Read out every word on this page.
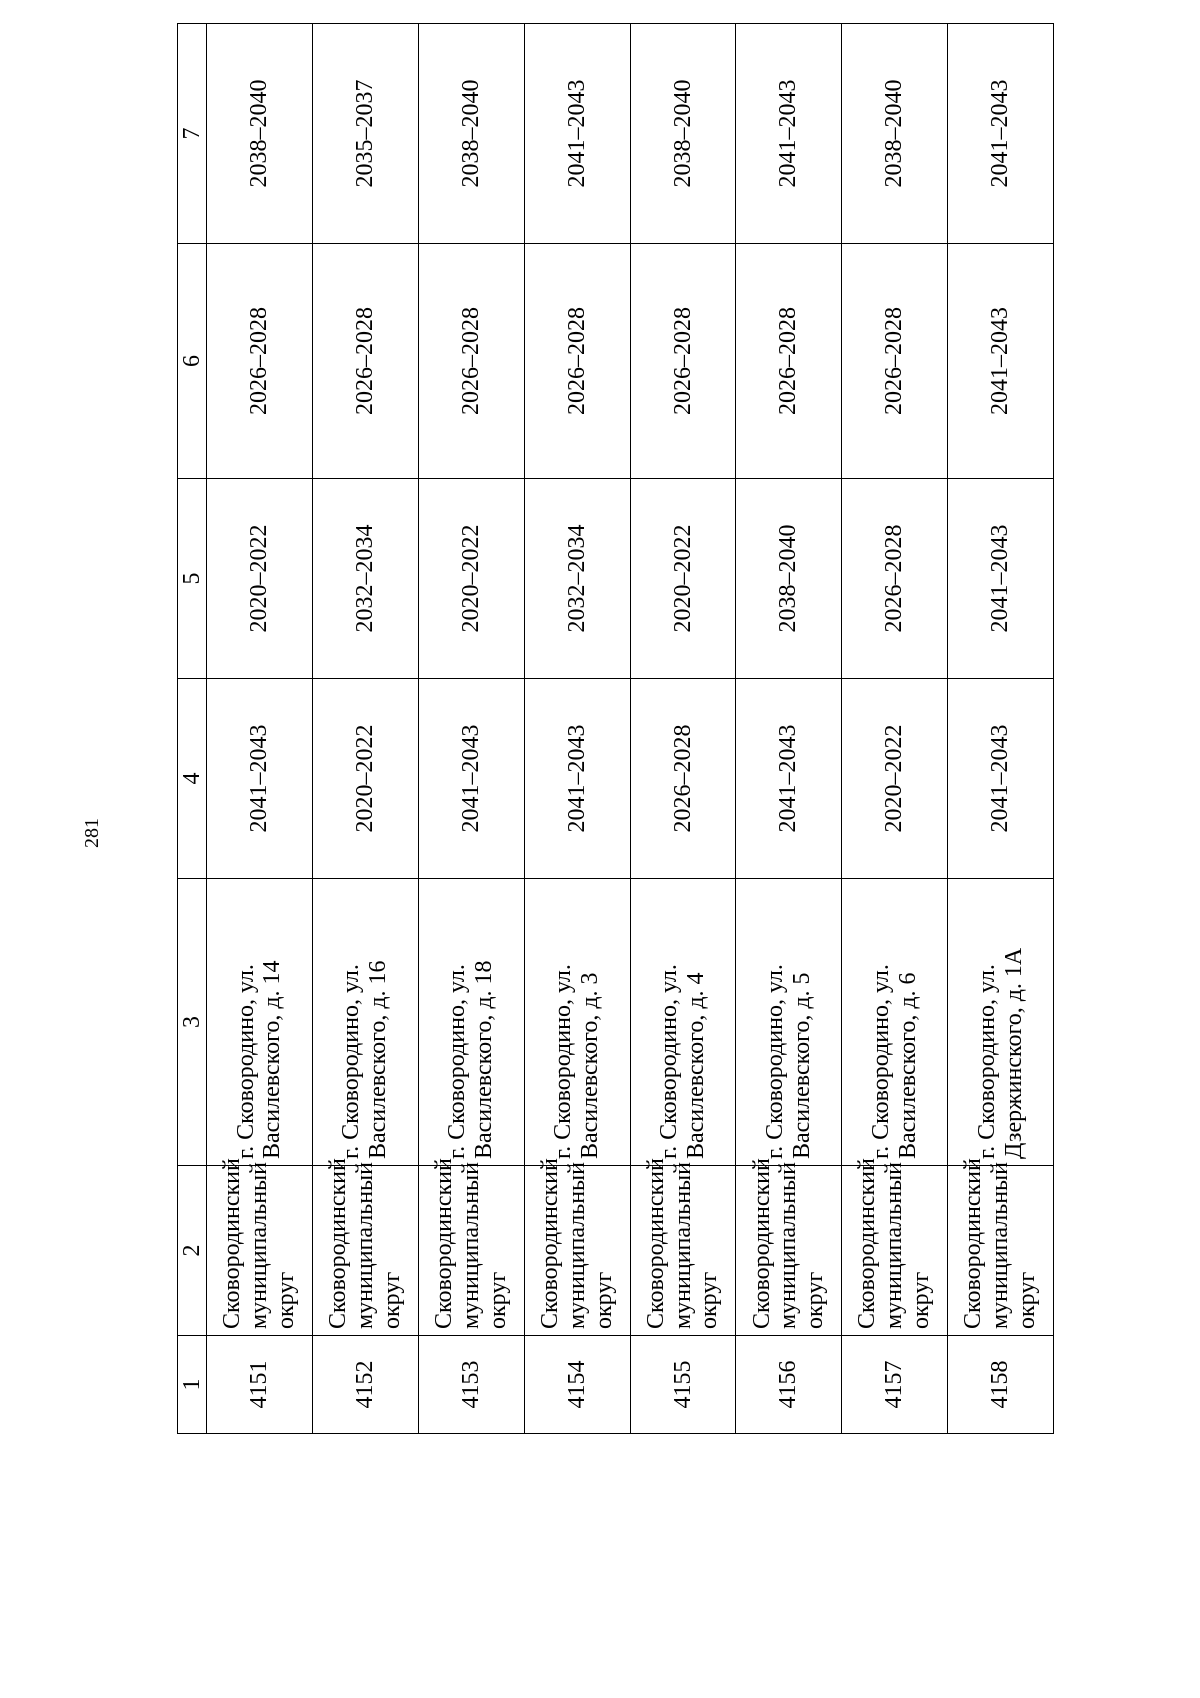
281
1	2	3	4	5	6	7
4151	Сковородинский муниципальный округ	г. Сковородино, ул. Василевского, д. 14	2041–2043	2020–2022	2026–2028	2038–2040
4152	Сковородинский муниципальный округ	г. Сковородино, ул. Василевского, д. 16	2020–2022	2032–2034	2026–2028	2035–2037
4153	Сковородинский муниципальный округ	г. Сковородино, ул. Василевского, д. 18	2041–2043	2020–2022	2026–2028	2038–2040
4154	Сковородинский муниципальный округ	г. Сковородино, ул. Василевского, д. 3	2041–2043	2032–2034	2026–2028	2041–2043
4155	Сковородинский муниципальный округ	г. Сковородино, ул. Василевского, д. 4	2026–2028	2020–2022	2026–2028	2038–2040
4156	Сковородинский муниципальный округ	г. Сковородино, ул. Василевского, д. 5	2041–2043	2038–2040	2026–2028	2041–2043
4157	Сковородинский муниципальный округ	г. Сковородино, ул. Василевского, д. 6	2020–2022	2026–2028	2026–2028	2038–2040
4158	Сковородинский муниципальный округ	г. Сковородино, ул. Дзержинского, д. 1А	2041–2043	2041–2043	2041–2043	2041–2043
